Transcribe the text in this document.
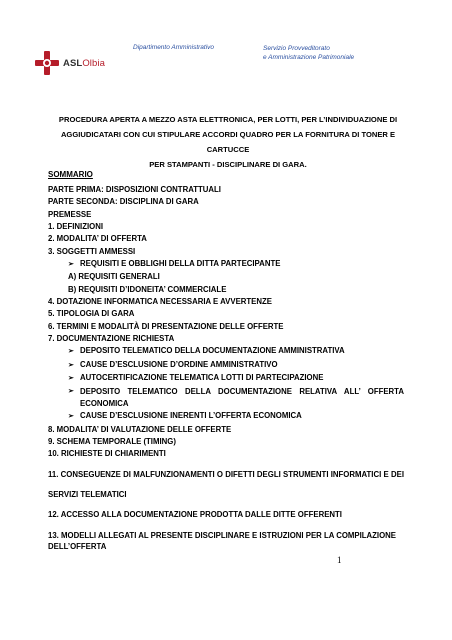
Dipartimento Amministrativo	Servizio Provveditorato
e Amministrazione Patrimoniale
ASLOlbia
PROCEDURA APERTA A MEZZO ASTA ELETTRONICA, PER LOTTI, PER L’INDIVIDUAZIONE DI
AGGIUDICATARI CON CUI STIPULARE ACCORDI QUADRO PER LA FORNITURA DI TONER E CARTUCCE
PER STAMPANTI - DISCIPLINARE DI GARA.
SOMMARIO
PARTE PRIMA: DISPOSIZIONI CONTRATTUALI
PARTE SECONDA: DISCIPLINA DI GARA
PREMESSE
1. DEFINIZIONI
2. MODALITA’ DI OFFERTA
3. SOGGETTI AMMESSI
➢ REQUISITI E OBBLIGHI DELLA DITTA PARTECIPANTE
A) REQUISITI GENERALI
B) REQUISITI D’IDONEITA’ COMMERCIALE
4. DOTAZIONE INFORMATICA NECESSARIA E AVVERTENZE
5. TIPOLOGIA DI GARA
6. TERMINI E MODALITÀ DI PRESENTAZIONE DELLE OFFERTE
7. DOCUMENTAZIONE RICHIESTA
➢ DEPOSITO TELEMATICO DELLA DOCUMENTAZIONE AMMINISTRATIVA
➢ CAUSE D’ESCLUSIONE D’ORDINE AMMINISTRATIVO
➢ AUTOCERTIFICAZIONE TELEMATICA LOTTI DI PARTECIPAZIONE
➢ DEPOSITO TELEMATICO DELLA DOCUMENTAZIONE RELATIVA ALL’ OFFERTA
ECONOMICA
➢ CAUSE D’ESCLUSIONE INERENTI L’OFFERTA ECONOMICA
8. MODALITA’ DI VALUTAZIONE DELLE OFFERTE
9. SCHEMA TEMPORALE (TIMING)
10. RICHIESTE DI CHIARIMENTI
11. CONSEGUENZE DI MALFUNZIONAMENTI O DIFETTI DEGLI STRUMENTI INFORMATICI E DEI
SERVIZI TELEMATICI
12. ACCESSO ALLA DOCUMENTAZIONE PRODOTTA DALLE DITTE OFFERENTI
13. MODELLI ALLEGATI AL PRESENTE DISCIPLINARE E ISTRUZIONI PER LA COMPILAZIONE DELL’OFFERTA
1
